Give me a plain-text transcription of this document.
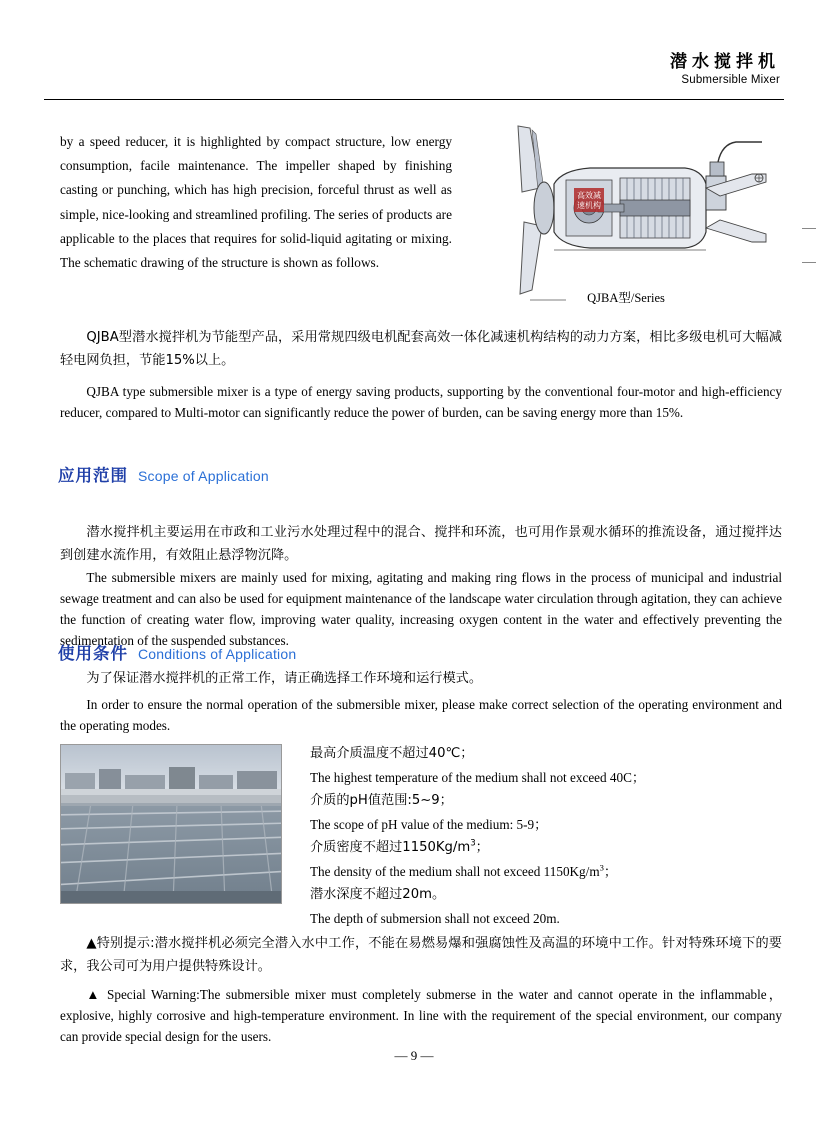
潜水搅拌机
Submersible Mixer
by a speed reducer, it is highlighted by compact structure, low energy consumption, facile maintenance. The impeller shaped by finishing casting or punching, which has high precision, forceful thrust as well as simple, nice-looking and streamlined profiling. The series of products are applicable to the places that requires for solid-liquid agitating or mixing. The schematic drawing of the structure is shown as follows.
高效减
速机构
QJBA型/Series
QJBA型潜水搅拌机为节能型产品，采用常规四级电机配套高效一体化减速机构结构的动力方案，相比多级电机可大幅减轻电网负担，节能15%以上。
QJBA type submersible mixer is a type of energy saving products, supporting by the conventional four-motor and high-efficiency reducer, compared to Multi-motor can significantly reduce the power of burden, can be saving energy more than 15%.
应用范围 Scope of Application
潜水搅拌机主要运用在市政和工业污水处理过程中的混合、搅拌和环流，也可用作景观水循环的推流设备，通过搅拌达到创建水流作用，有效阻止悬浮物沉降。
The submersible mixers are mainly used for mixing, agitating and making ring flows in the process of municipal and industrial sewage treatment and can also be used for equipment maintenance of the landscape water circulation through agitation, they can achieve the function of creating water flow, improving water quality, increasing oxygen content in the water and effectively preventing the sedimentation of the suspended substances.
使用条件 Conditions of Application
为了保证潜水搅拌机的正常工作，请正确选择工作环境和运行模式。
In order to ensure the normal operation of the submersible mixer, please make correct selection of the operating environment and the operating modes.
最高介质温度不超过40℃；
The highest temperature of the medium shall not exceed 40C；
介质的pH值范围:5~9；
The scope of pH value of the medium: 5-9；
介质密度不超过$1150Kg/m^3$；
The density of the medium shall not exceed $1150Kg/m^3$；
潜水深度不超过20m。
The depth of submersion shall not exceed 20m.
▲特别提示:潜水搅拌机必须完全潜入水中工作，不能在易燃易爆和强腐蚀性及高温的环境中工作。针对特殊环境下的要求，我公司可为用户提供特殊设计。
▲ Special Warning:The submersible mixer must completely submerse in the water and cannot operate in the inflammable，explosive, highly corrosive and high-temperature environment. In line with the requirement of the special environment, our company can provide special design for the users.
— 9 —
